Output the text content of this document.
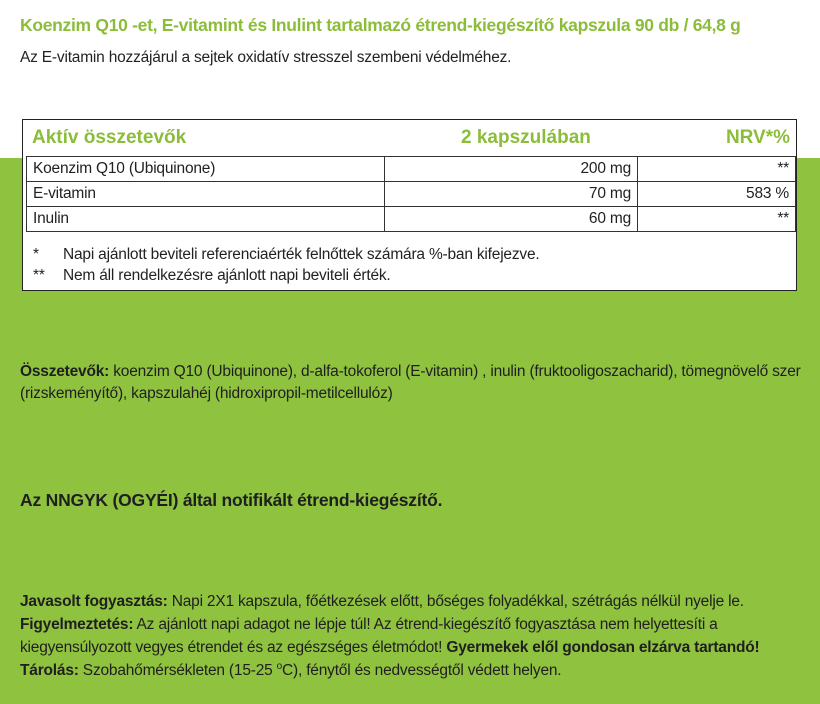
Koenzim Q10 -et, E-vitamint és Inulint tartalmazó étrend-kiegészítő kapszula 90 db / 64,8 g
Az E-vitamin hozzájárul a sejtek oxidatív stresszel szembeni védelméhez.
Aktív összetevők	2 kapszulában	NRV*%
Koenzim Q10 (Ubiquinone)	200 mg	**
E-vitamin	70 mg	583 %
Inulin	60 mg	**
* Napi ajánlott beviteli referenciaérték felnőttek számára %-ban kifejezve.
** Nem áll rendelkezésre ajánlott napi beviteli érték.
Összetevők: koenzim Q10 (Ubiquinone), d-alfa-tokoferol (E-vitamin) , inulin (fruktooligoszacharid), tömegnövelő szer (rizskeményítő), kapszulahéj (hidroxipropil-metilcellulóz)
Az NNGYK (OGYÉI) által notifikált étrend-kiegészítő.
Javasolt fogyasztás: Napi 2X1 kapszula, főétkezések előtt, bőséges folyadékkal, szétrágás nélkül nyelje le.
Figyelmeztetés: Az ajánlott napi adagot ne lépje túl! Az étrend-kiegészítő fogyasztása nem helyettesíti a kiegyensúlyozott vegyes étrendet és az egészséges életmódot! Gyermekek elől gondosan elzárva tartandó! Tárolás: Szobahőmérsékleten (15-25 $^o$C), fénytől és nedvességtől védett helyen.
